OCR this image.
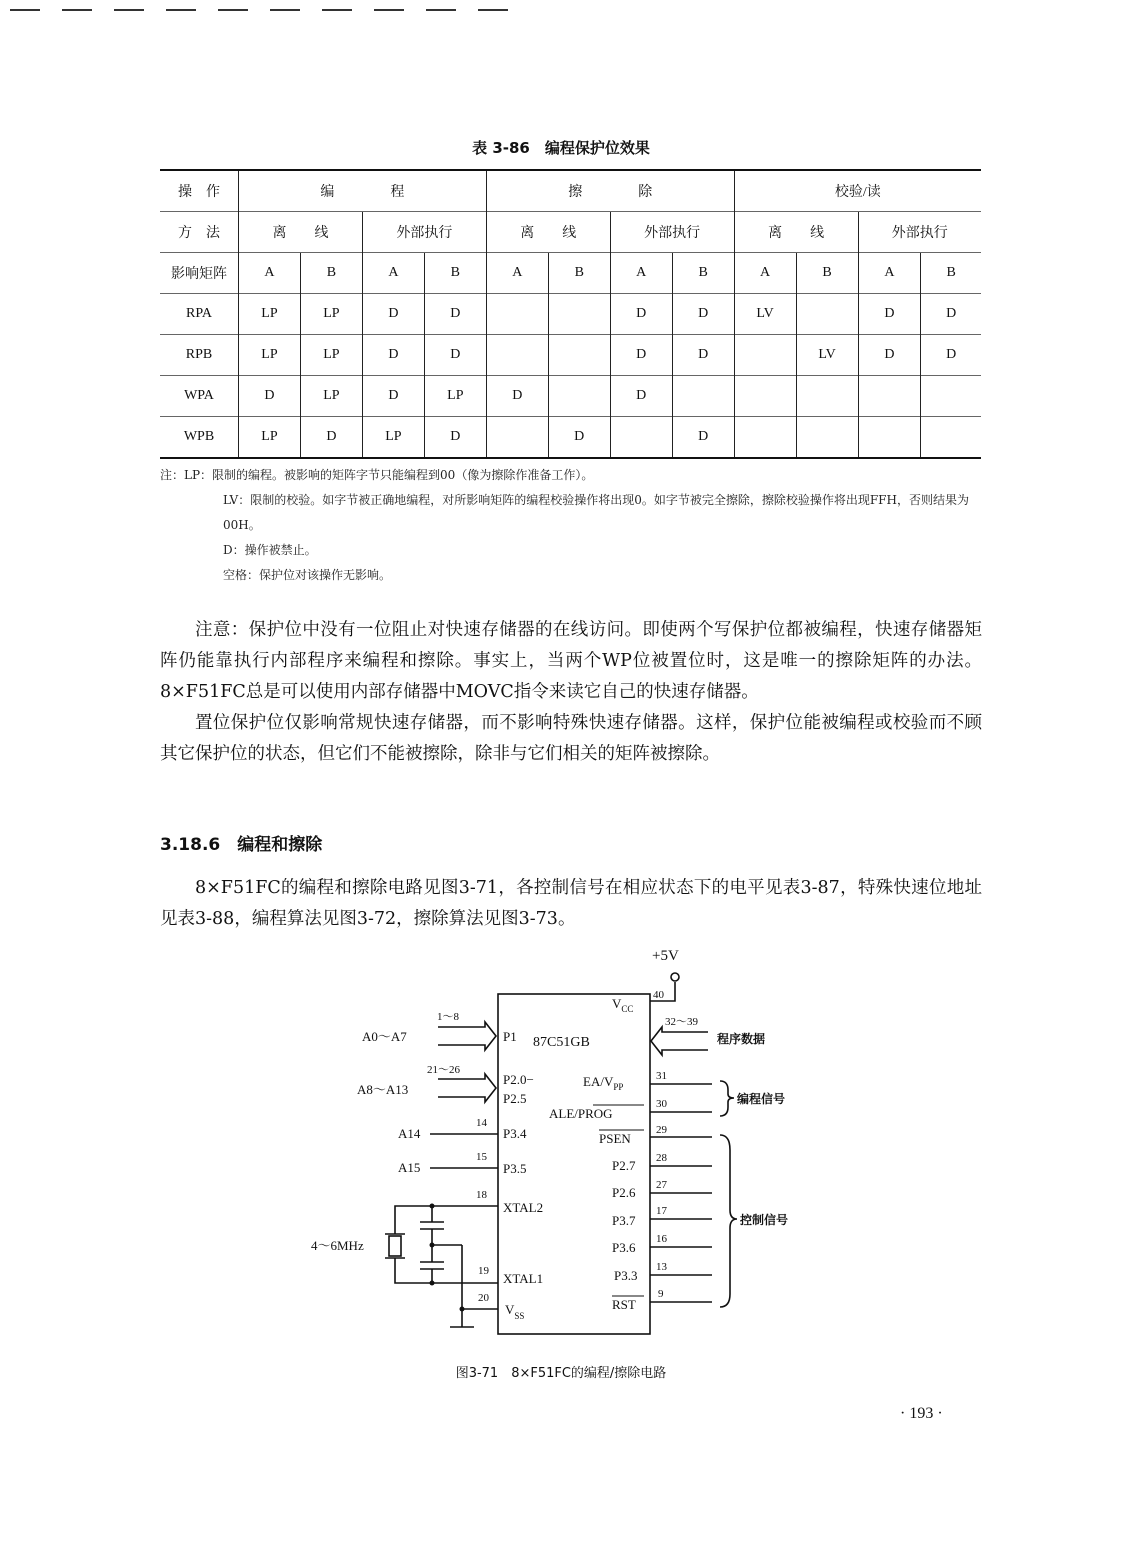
表 3-86　编程保护位效果
操　作	编　　　　程				擦　　　　除				校验/读			
方　法	离　　线		外部执行		离　　线		外部执行		离　　线		外部执行	
影响矩阵	A	B	A	B	A	B	A	B	A	B	A	B
RPA	LP	LP	D	D			D	D	LV		D	D
RPB	LP	LP	D	D			D	D		LV	D	D
WPA	D	LP	D	LP	D		D					
WPB	LP	D	LP	D		D		D				

注：LP：限制的编程。被影响的矩阵字节只能编程到00（像为擦除作准备工作）。

LV：限制的校验。如字节被正确地编程，对所影响矩阵的编程校验操作将出现0。如字节被完全擦除，擦除校验操作将出现FFH，否则结果为00H。

D：操作被禁止。

空格：保护位对该操作无影响。

注意：保护位中没有一位阻止对快速存储器的在线访问。即使两个写保护位都被编程，快速存储器矩阵仍能靠执行内部程序来编程和擦除。事实上，当两个WP位被置位时，这是唯一的擦除矩阵的办法。8×F51FC总是可以使用内部存储器中MOVC指令来读它自己的快速存储器。

置位保护位仅影响常规快速存储器，而不影响特殊快速存储器。这样，保护位能被编程或校验而不顾其它保护位的状态，但它们不能被擦除，除非与它们相关的矩阵被擦除。

3.18.6　编程和擦除

8×F51FC的编程和擦除电路见图3-71，各控制信号在相应状态下的电平见表3-87，特殊快速位地址见表3-88，编程算法见图3-72，擦除算法见图3-73。

+5V
$V_{CC}$
40
87C51GB
A0～A7
1～8
P1
A8～A13
21～26
P2.0−
P2.5
A14
14
P3.4
A15
15
P3.5
18
XTAL2
4～6MHz
19 XTAL1
20
$V_{SS}$
32～39
程序数据
$EA/V_{PP}$
31
ALE/PROG
30
PSEN
29
P2.7 28
P2.6 27
P3.7
17
P3.6
16
P3.3
13
RST
9
编程信号
控制信号
图3-71　8×F51FC的编程/擦除电路
· 193 ·
